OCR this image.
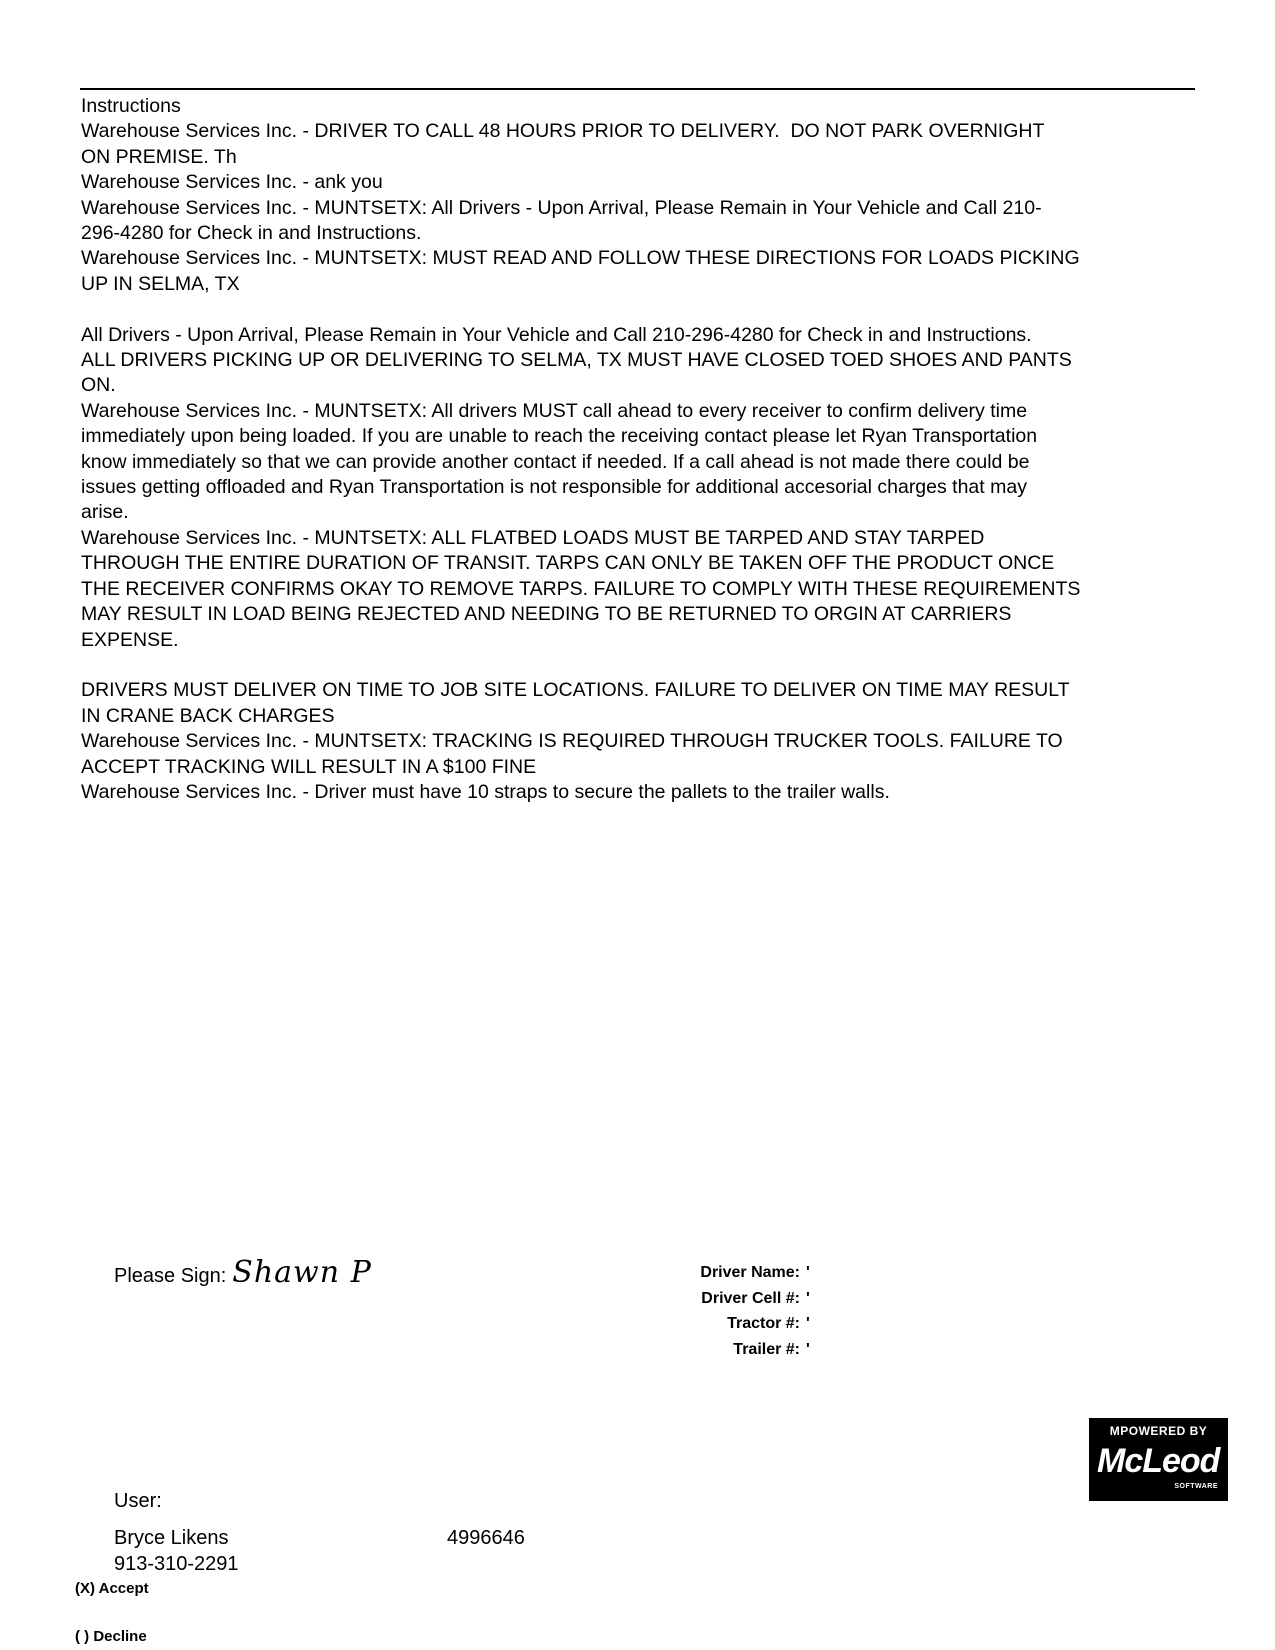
Instructions

Warehouse Services Inc. - DRIVER TO CALL 48 HOURS PRIOR TO DELIVERY.  DO NOT PARK OVERNIGHT

ON PREMISE. Th

Warehouse Services Inc. - ank you

Warehouse Services Inc. - MUNTSETX: All Drivers - Upon Arrival, Please Remain in Your Vehicle and Call 210-

296-4280 for Check in and Instructions.

Warehouse Services Inc. - MUNTSETX: MUST READ AND FOLLOW THESE DIRECTIONS FOR LOADS PICKING

UP IN SELMA, TX

All Drivers - Upon Arrival, Please Remain in Your Vehicle and Call 210-296-4280 for Check in and Instructions.

ALL DRIVERS PICKING UP OR DELIVERING TO SELMA, TX MUST HAVE CLOSED TOED SHOES AND PANTS

ON.

Warehouse Services Inc. - MUNTSETX: All drivers MUST call ahead to every receiver to confirm delivery time

immediately upon being loaded. If you are unable to reach the receiving contact please let Ryan Transportation

know immediately so that we can provide another contact if needed. If a call ahead is not made there could be

issues getting offloaded and Ryan Transportation is not responsible for additional accesorial charges that may

arise.

Warehouse Services Inc. - MUNTSETX: ALL FLATBED LOADS MUST BE TARPED AND STAY TARPED

THROUGH THE ENTIRE DURATION OF TRANSIT. TARPS CAN ONLY BE TAKEN OFF THE PRODUCT ONCE

THE RECEIVER CONFIRMS OKAY TO REMOVE TARPS. FAILURE TO COMPLY WITH THESE REQUIREMENTS

MAY RESULT IN LOAD BEING REJECTED AND NEEDING TO BE RETURNED TO ORGIN AT CARRIERS

EXPENSE.

DRIVERS MUST DELIVER ON TIME TO JOB SITE LOCATIONS. FAILURE TO DELIVER ON TIME MAY RESULT

IN CRANE BACK CHARGES

Warehouse Services Inc. - MUNTSETX: TRACKING IS REQUIRED THROUGH TRUCKER TOOLS. FAILURE TO

ACCEPT TRACKING WILL RESULT IN A $100 FINE

Warehouse Services Inc. - Driver must have 10 straps to secure the pallets to the trailer walls.

Please Sign: Shawn P	Driver Name: '
Driver Cell #: '
Tractor #: '
Trailer #: '
MPOWERED BY
McLeod
SOFTWARE
User:
Bryce Likens
913-310-2291
4996646
(X) Accept
( ) Decline
